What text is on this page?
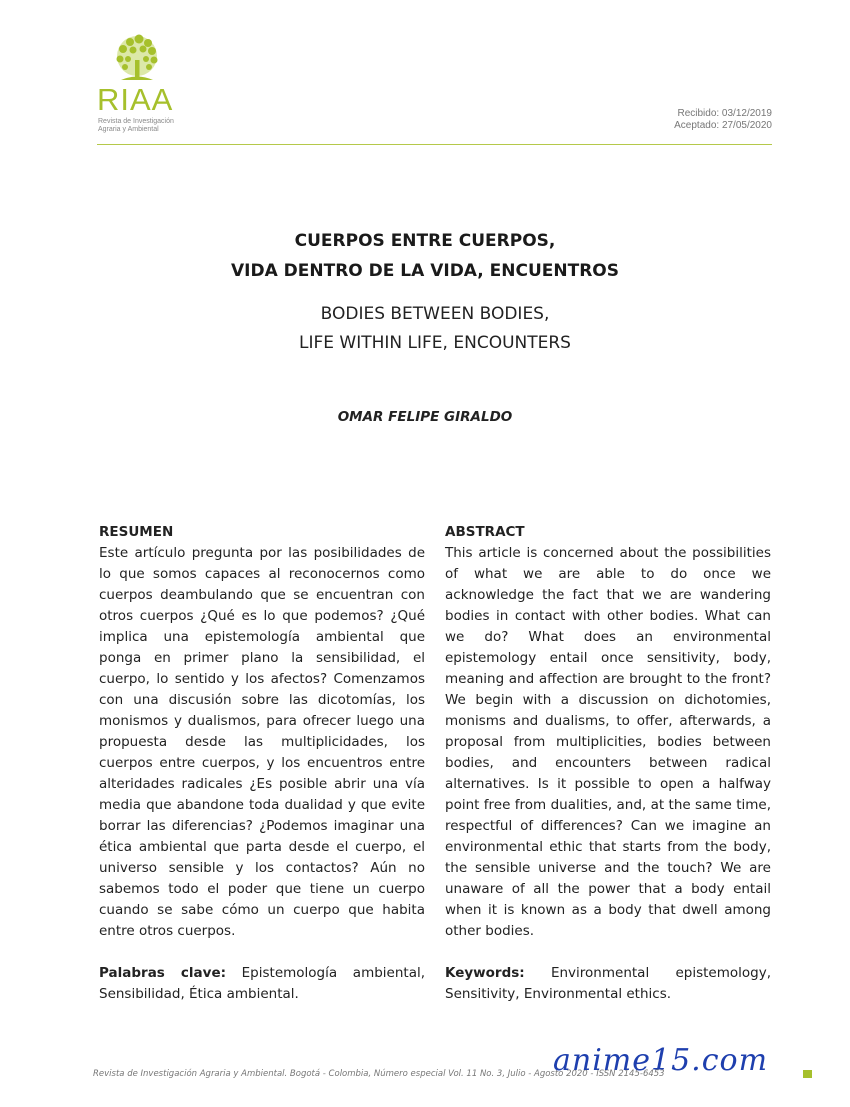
RIAA
Revista de Investigación
Agraria y Ambiental
Recibido: 03/12/2019
Aceptado: 27/05/2020
CUERPOS ENTRE CUERPOS,
VIDA DENTRO DE LA VIDA, ENCUENTROS
BODIES BETWEEN BODIES,
LIFE WITHIN LIFE, ENCOUNTERS
OMAR FELIPE GIRALDO
RESUMEN

Este artículo pregunta por las posibilidades de lo que somos capaces al reconocernos como cuerpos deambulando que se encuentran con otros cuerpos ¿Qué es lo que podemos? ¿Qué implica una epistemología ambiental que ponga en primer plano la sensibilidad, el cuerpo, lo sentido y los afectos? Comenzamos con una discusión sobre las dicotomías, los monismos y dualismos, para ofrecer luego una propuesta desde las multiplicidades, los cuerpos entre cuerpos, y los encuentros entre alteridades radicales ¿Es posible abrir una vía media que abandone toda dualidad y que evite borrar las diferencias? ¿Podemos imaginar una ética ambiental que parta desde el cuerpo, el universo sensible y los contactos? Aún no sabemos todo el poder que tiene un cuerpo cuando se sabe cómo un cuerpo que habita entre otros cuerpos.

Palabras clave: Epistemología ambiental, Sensibilidad, Ética ambiental.

ABSTRACT

This article is concerned about the possibilities of what we are able to do once we acknowledge the fact that we are wandering bodies in contact with other bodies. What can we do? What does an environmental epistemology entail once sensitivity, body, meaning and affection are brought to the front? We begin with a discussion on dichotomies, monisms and dualisms, to offer, afterwards, a proposal from multiplicities, bodies between bodies, and encounters between radical alternatives. Is it possible to open a halfway point free from dualities, and, at the same time, respectful of differences? Can we imagine an environmental ethic that starts from the body, the sensible universe and the touch? We are unaware of all the power that a body entail when it is known as a body that dwell among other bodies.

Keywords: Environmental epistemology, Sensitivity, Environmental ethics.

Revista de Investigación Agraria y Ambiental. Bogotá - Colombia, Número especial Vol. 11 No. 3, Julio - Agosto 2020 - ISSN 2145-6453
anime15.com
